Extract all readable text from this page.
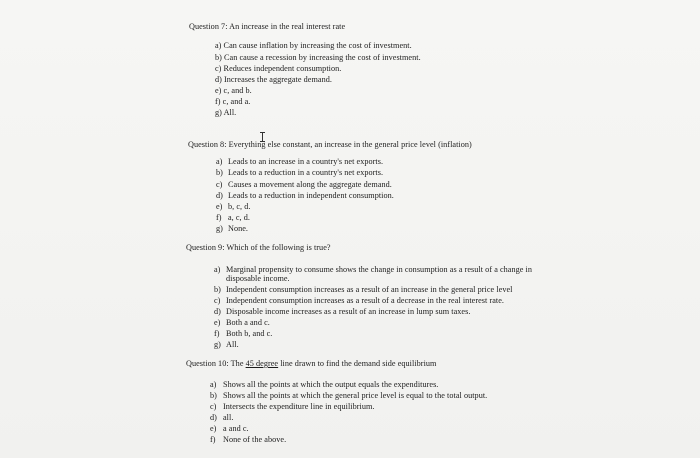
Question 7: An increase in the real interest rate
a) Can cause inflation by increasing the cost of investment.
b) Can cause a recession by increasing the cost of investment.
c) Reduces independent consumption.
d) Increases the aggregate demand.
e) c, and b.
f) c, and a.
g) All.
Question 8: Everything else constant, an increase in the general price level (inflation)
a) Leads to an increase in a country's net exports.
b) Leads to a reduction in a country's net exports.
c) Causes a movement along the aggregate demand.
d) Leads to a reduction in independent consumption.
e) b, c, d.
f) a, c, d.
g) None.
Question 9: Which of the following is true?
a) Marginal propensity to consume shows the change in consumption as a result of a change in
disposable income.
b) Independent consumption increases as a result of an increase in the general price level
c) Independent consumption increases as a result of a decrease in the real interest rate.
d) Disposable income increases as a result of an increase in lump sum taxes.
e) Both a and c.
f) Both b, and c.
g) All.
Question 10: The 45 degree line drawn to find the demand side equilibrium
a) Shows all the points at which the output equals the expenditures.
b) Shows all the points at which the general price level is equal to the total output.
c) Intersects the expenditure line in equilibrium.
d) all.
e) a and c.
f) None of the above.
